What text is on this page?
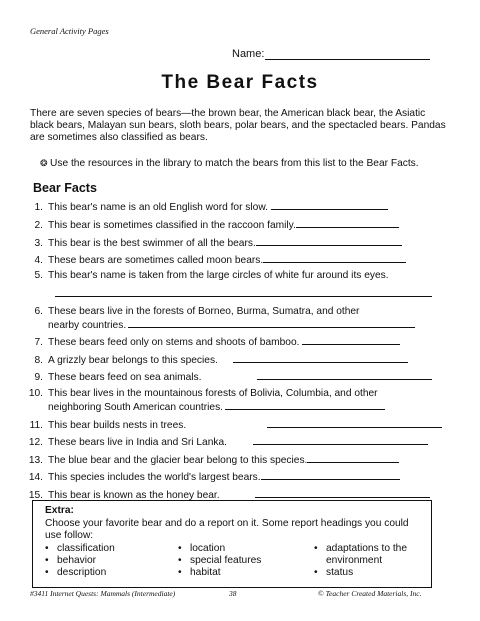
General Activity Pages
Name:
The Bear Facts
There are seven species of bears—the brown bear, the American black bear, the Asiatic black bears, Malayan sun bears, sloth bears, polar bears, and the spectacled bears. Pandas are sometimes also classified as bears.
❂ Use the resources in the library to match the bears from this list to the Bear Facts.
Bear Facts
1. This bear's name is an old English word for slow.
2. This bear is sometimes classified in the raccoon family.
3. This bear is the best swimmer of all the bears.
4. These bears are sometimes called moon bears.
5. This bear's name is taken from the large circles of white fur around its eyes.
6. These bears live in the forests of Borneo, Burma, Sumatra, and other
nearby countries.
7. These bears feed only on stems and shoots of bamboo.
8. A grizzly bear belongs to this species.
9. These bears feed on sea animals.
10. This bear lives in the mountainous forests of Bolivia, Columbia, and other
neighboring South American countries.
11. This bear builds nests in trees.
12. These bears live in India and Sri Lanka.
13. The blue bear and the glacier bear belong to this species.
14. This species includes the world's largest bears.
15. This bear is known as the honey bear.
Extra:
Choose your favorite bear and do a report on it. Some report headings you could use follow:
• classification
• behavior
• description
• location
• special features
• habitat
• adaptations to the
environment
• status
#3411 Internet Quests: Mammals (Intermediate)	38	© Teacher Created Materials, Inc.
